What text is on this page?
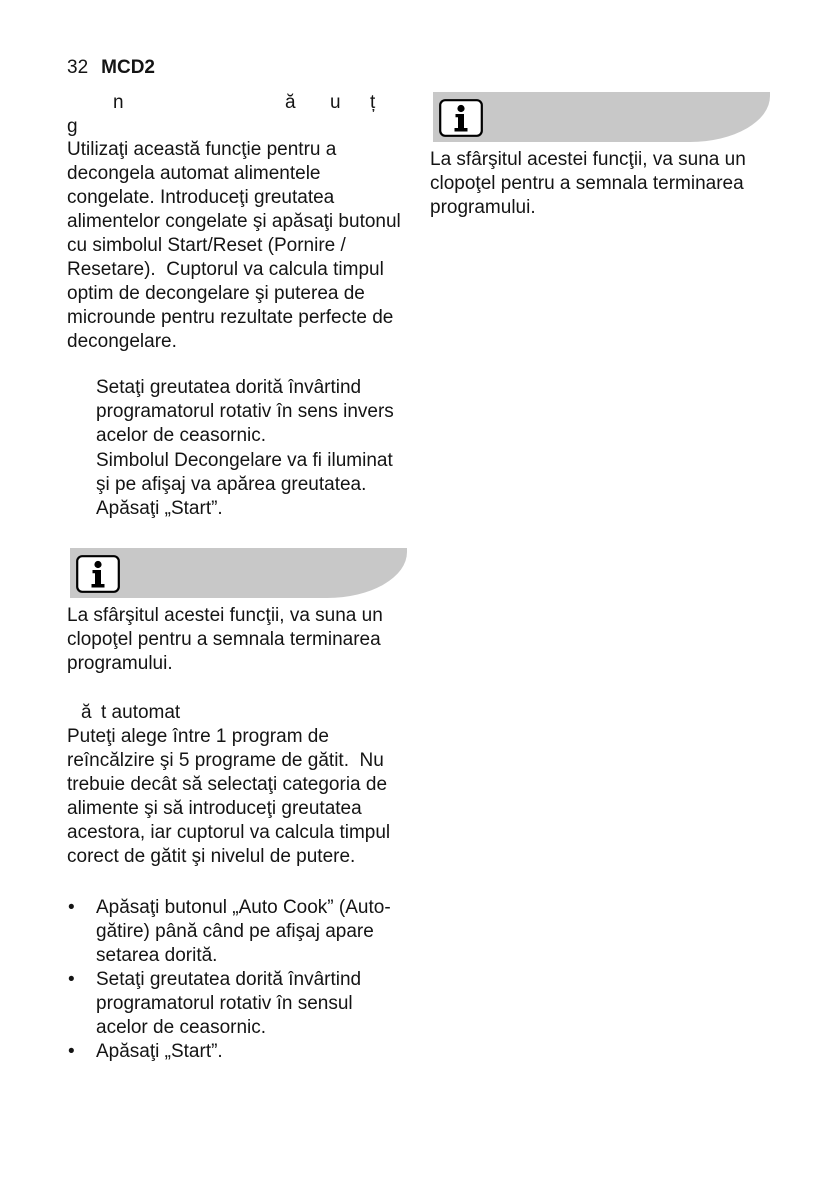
32 MCD2
n	ă u ț
g
Utilizaţi această funcţie pentru a
decongela automat alimentele
congelate. Introduceţi greutatea
alimentelor congelate şi apăsaţi butonul
cu simbolul Start/Reset (Pornire /
Resetare).  Cuptorul va calcula timpul
optim de decongelare şi puterea de
microunde pentru rezultate perfecte de
decongelare.
Setaţi greutatea dorită învârtind
programatorul rotativ în sens invers
acelor de ceasornic.
Simbolul Decongelare va fi iluminat
şi pe afişaj va apărea greutatea.
Apăsaţi „Start”.
La sfârşitul acestei funcţii, va suna un
clopoţel pentru a semnala terminarea
programului.
ă t automat
Puteţi alege între 1 program de
reîncălzire şi 5 programe de gătit.  Nu
trebuie decât să selectaţi categoria de
alimente şi să introduceţi greutatea
acestora, iar cuptorul va calcula timpul
corect de gătit şi nivelul de putere.
• Apăsaţi butonul „Auto Cook” (Auto-
gătire) până când pe afişaj apare
setarea dorită.
• Setaţi greutatea dorită învârtind
programatorul rotativ în sensul
acelor de ceasornic.
• Apăsaţi „Start”.
La sfârşitul acestei funcţii, va suna un
clopoţel pentru a semnala terminarea
programului.
